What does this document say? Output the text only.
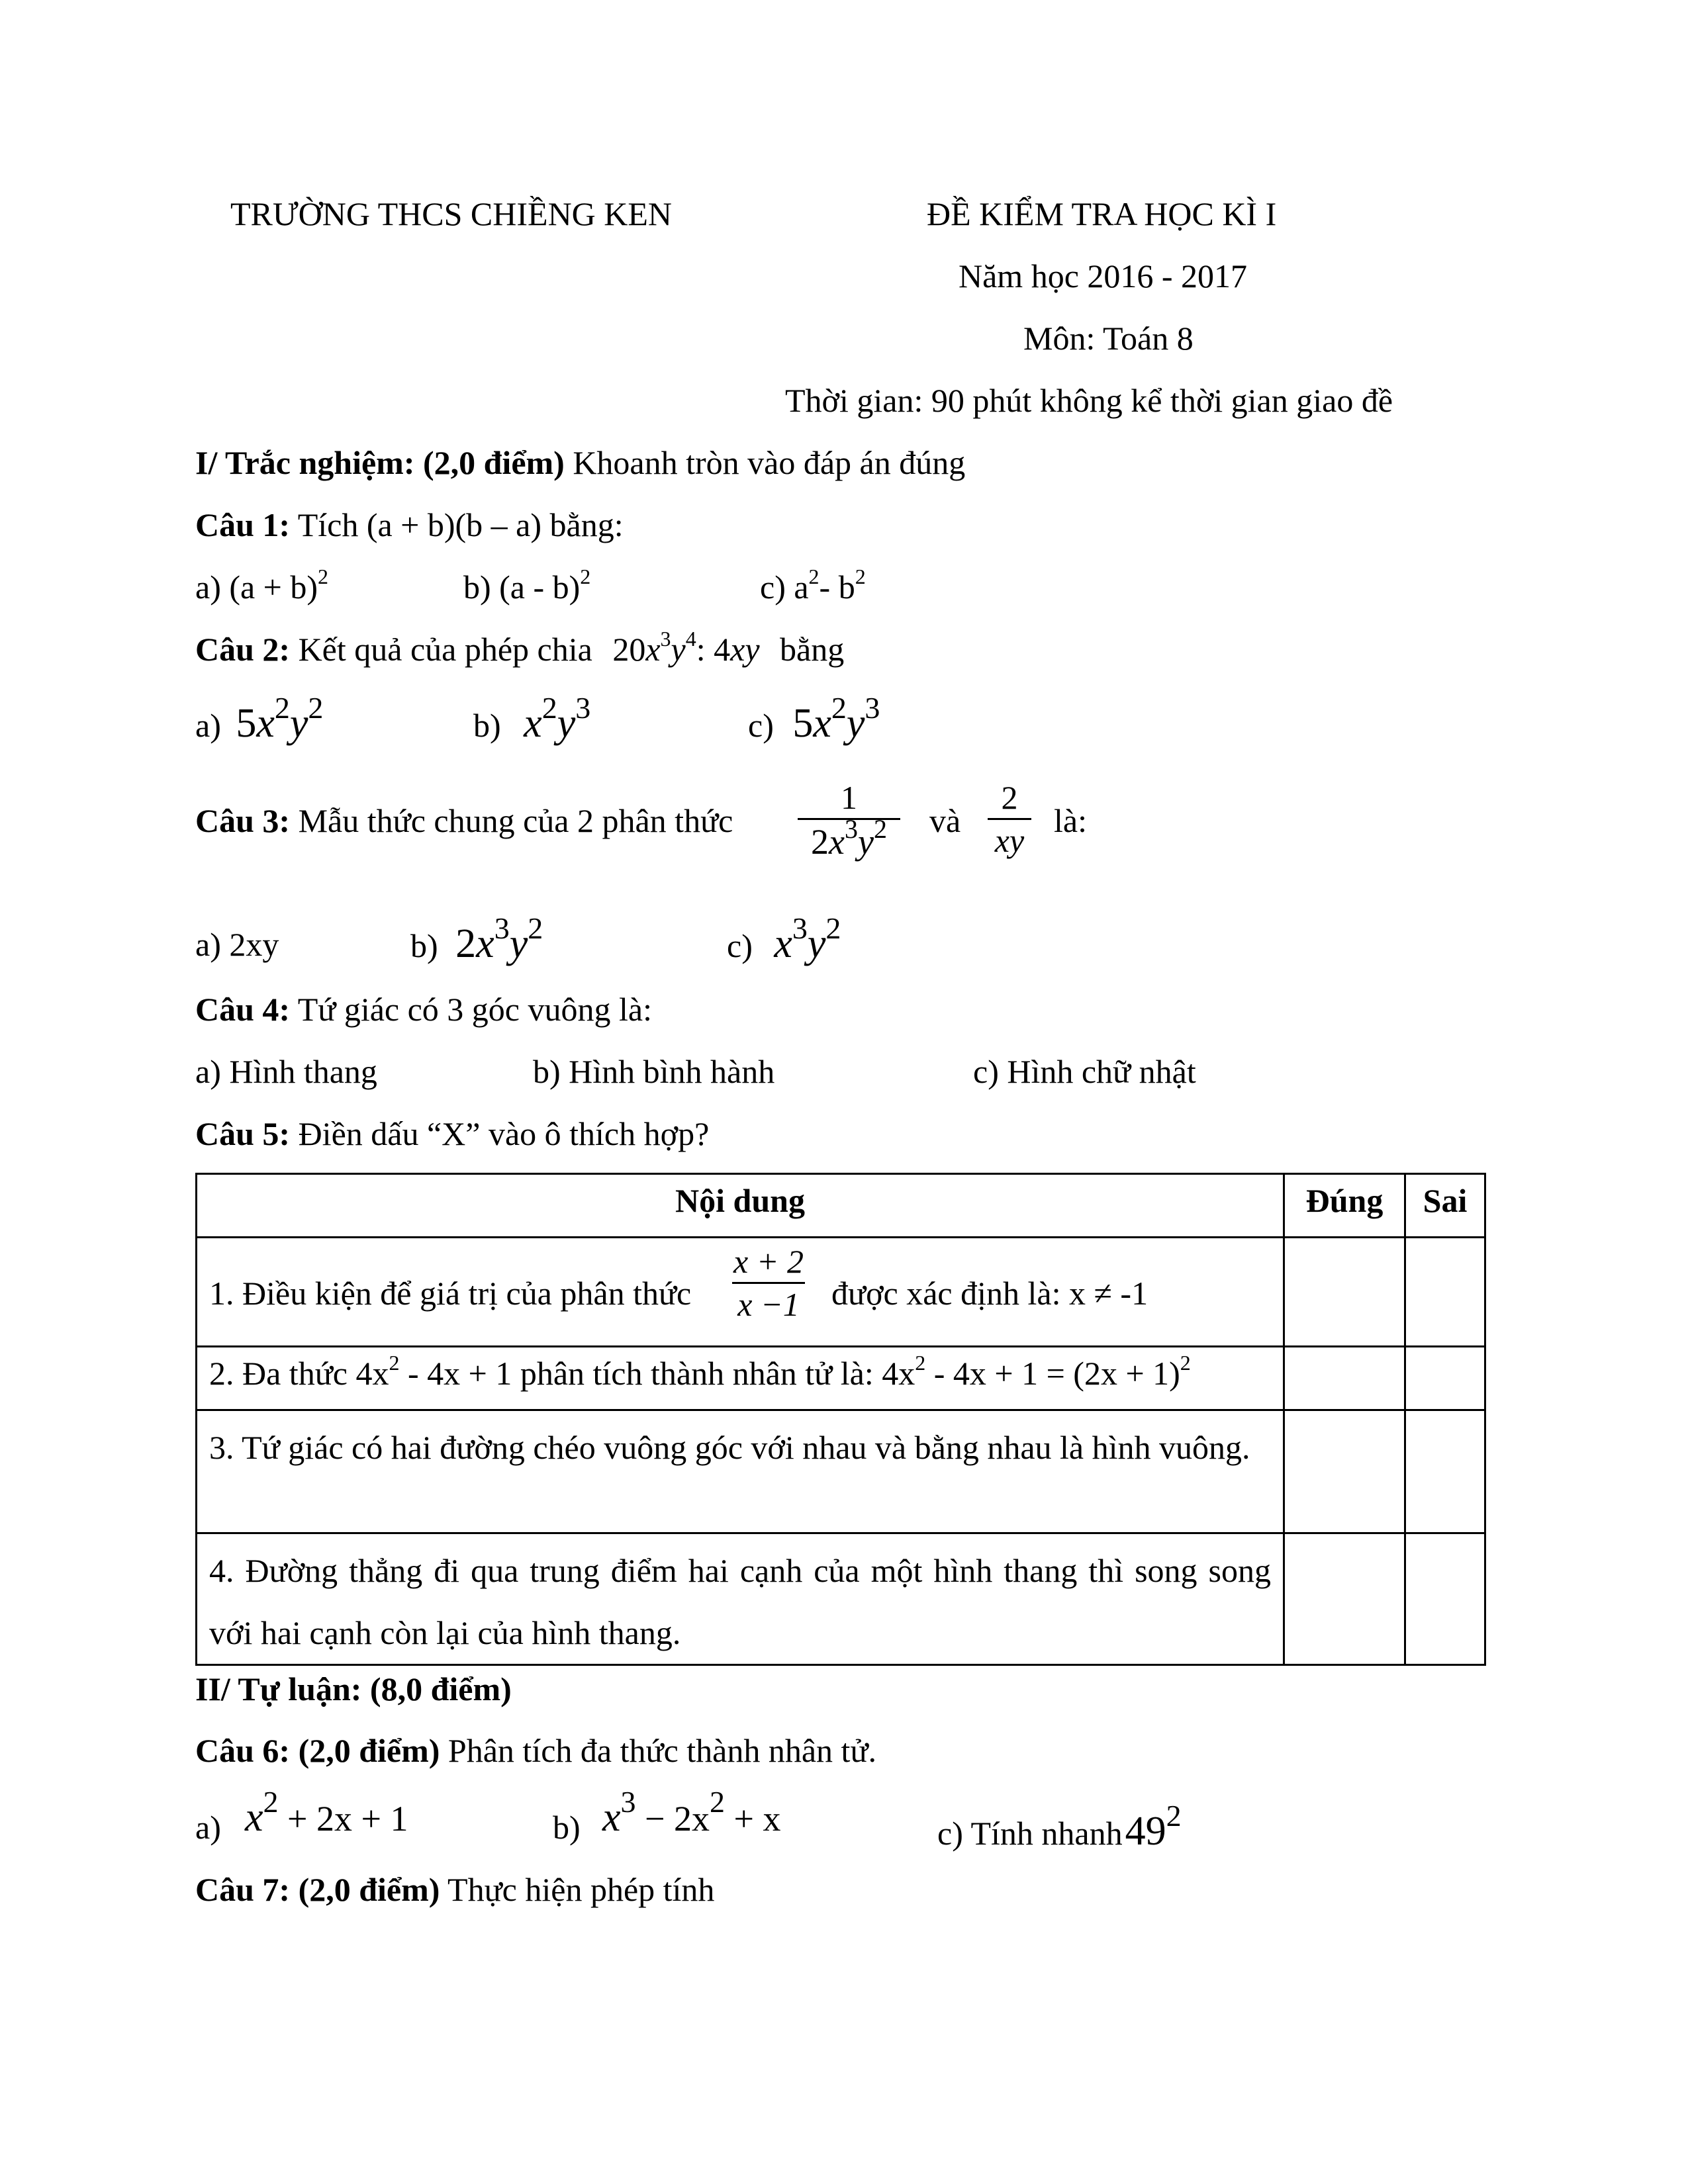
TRƯỜNG THCS CHIỀNG KEN	ĐỀ KIỂM TRA HỌC KÌ I
Năm học 2016 - 2017
Môn: Toán 8
Thời gian: 90 phút không kể thời gian giao đề
I/ Trắc nghiệm: (2,0 điểm) Khoanh tròn vào đáp án đúng
Câu 1: Tích (a + b)(b – a) bằng:
a) $(a + b)^2$	b) (a - b)$^2$	c) $a^2-$ $b^2$
Câu 2: Kết quả của phép chia $20x^3y^4$: 4xy bằng
a) $5x^2y^2$	b) $x^2y^3$	c) $5x^2y^3$
Câu 3: Mẫu thức chung của 2 phân thức
1
$2x^3y^2$	và
2
xy
là:
a) 2xy	b) $2x^3y^2$	c) $x^3y^2$
Câu 4: Tứ giác có 3 góc vuông là:
a) Hình thang	b) Hình bình hành	c) Hình chữ nhật
Câu 5: Điền dấu “X” vào ô thích hợp?
Nội dung	Đúng	Sai

1. Điều kiện để giá trị của phân thức
x + 2
x −1 được xác định là: x ≠ -1		

2. Đa thức $4x^2 - 4x + 1$ phân tích thành nhân tử là: $4x^2 - 4x + 1 = (2x + 1)^2$

3. Tứ giác có hai đường chéo vuông góc với nhau và bằng nhau là hình vuông.		

4. Đường thẳng đi qua trung điểm hai cạnh của một hình thang thì song song với hai cạnh còn lại của hình thang.		

II/ Tự luận: (8,0 điểm)
Câu 6: (2,0 điểm) Phân tích đa thức thành nhân tử.
a) $x^2 + 2x + 1$	b) $x^3 - 2x^2 + x$	c) Tính $nhanh49^2$
Câu 7: (2,0 điểm) Thực hiện phép tính
